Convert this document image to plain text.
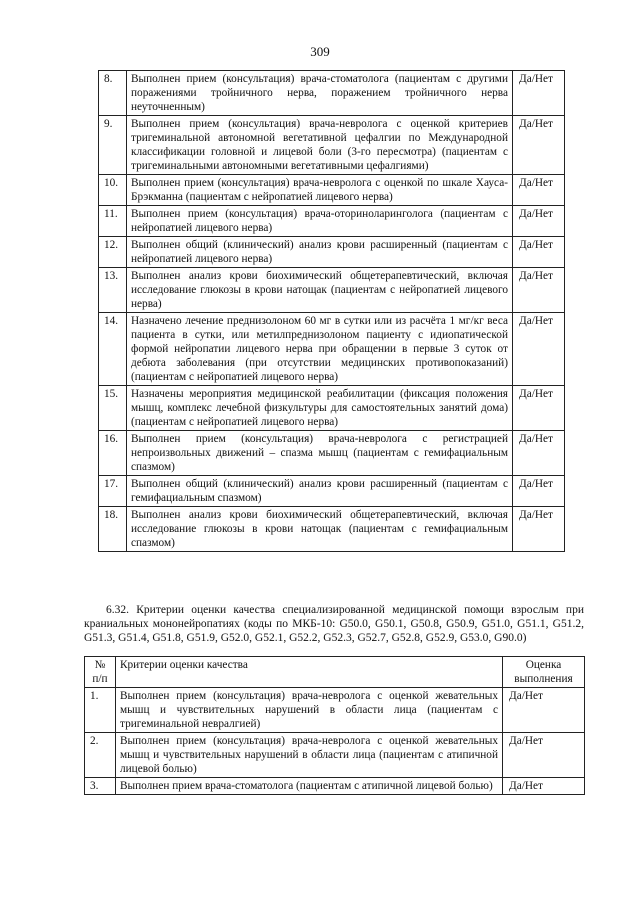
309
8.	Выполнен прием (консультация) врача-стоматолога (пациентам с другими поражениями тройничного нерва, поражением тройничного нерва неуточненным)	Да/Нет
9.	Выполнен прием (консультация) врача-невролога с оценкой критериев тригеминальной автономной вегетативной цефалгии по Международной классификации головной и лицевой боли (3-го пересмотра) (пациентам с тригеминальными автономными вегетативными цефалгиями)	Да/Нет
10.	Выполнен прием (консультация) врача-невролога с оценкой по шкале Хауса-Брэкманна (пациентам с нейропатией лицевого нерва)	Да/Нет
11.	Выполнен прием (консультация) врача-оториноларинголога (пациентам с нейропатией лицевого нерва)	Да/Нет
12.	Выполнен общий (клинический) анализ крови расширенный (пациентам с нейропатией лицевого нерва)	Да/Нет
13.	Выполнен анализ крови биохимический общетерапевтический, включая исследование глюкозы в крови натощак (пациентам с нейропатией лицевого нерва)	Да/Нет
14.	Назначено лечение преднизолоном 60 мг в сутки или из расчёта 1 мг/кг веса пациента в сутки, или метилпреднизолоном пациенту с идиопатической формой нейропатии лицевого нерва при обращении в первые 3 суток от дебюта заболевания (при отсутствии медицинских противопоказаний) (пациентам с нейропатией лицевого нерва)	Да/Нет
15.	Назначены мероприятия медицинской реабилитации (фиксация положения мышц, комплекс лечебной физкультуры для самостоятельных занятий дома) (пациентам с нейропатией лицевого нерва)	Да/Нет
16.	Выполнен прием (консультация) врача-невролога с регистрацией непроизвольных движений – спазма мышц (пациентам с гемифациальным спазмом)	Да/Нет
17.	Выполнен общий (клинический) анализ крови расширенный (пациентам с гемифациальным спазмом)	Да/Нет
18.	Выполнен анализ крови биохимический общетерапевтический, включая исследование глюкозы в крови натощак (пациентам с гемифациальным спазмом)	Да/Нет
6.32. Критерии оценки качества специализированной медицинской помощи взрослым при краниальных мононейропатиях (коды по МКБ-10: G50.0, G50.1, G50.8, G50.9, G51.0, G51.1, G51.2, G51.3, G51.4, G51.8, G51.9, G52.0, G52.1, G52.2, G52.3, G52.7, G52.8, G52.9, G53.0, G90.0)
№ п/п	Критерии оценки качества	Оценка выполнения
1.	Выполнен прием (консультация) врача-невролога с оценкой жевательных мышц и чувствительных нарушений в области лица (пациентам с тригеминальной невралгией)	Да/Нет
2.	Выполнен прием (консультация) врача-невролога с оценкой жевательных мышц и чувствительных нарушений в области лица (пациентам с атипичной лицевой болью)	Да/Нет
3.	Выполнен прием врача-стоматолога (пациентам с атипичной лицевой болью)	Да/Нет
